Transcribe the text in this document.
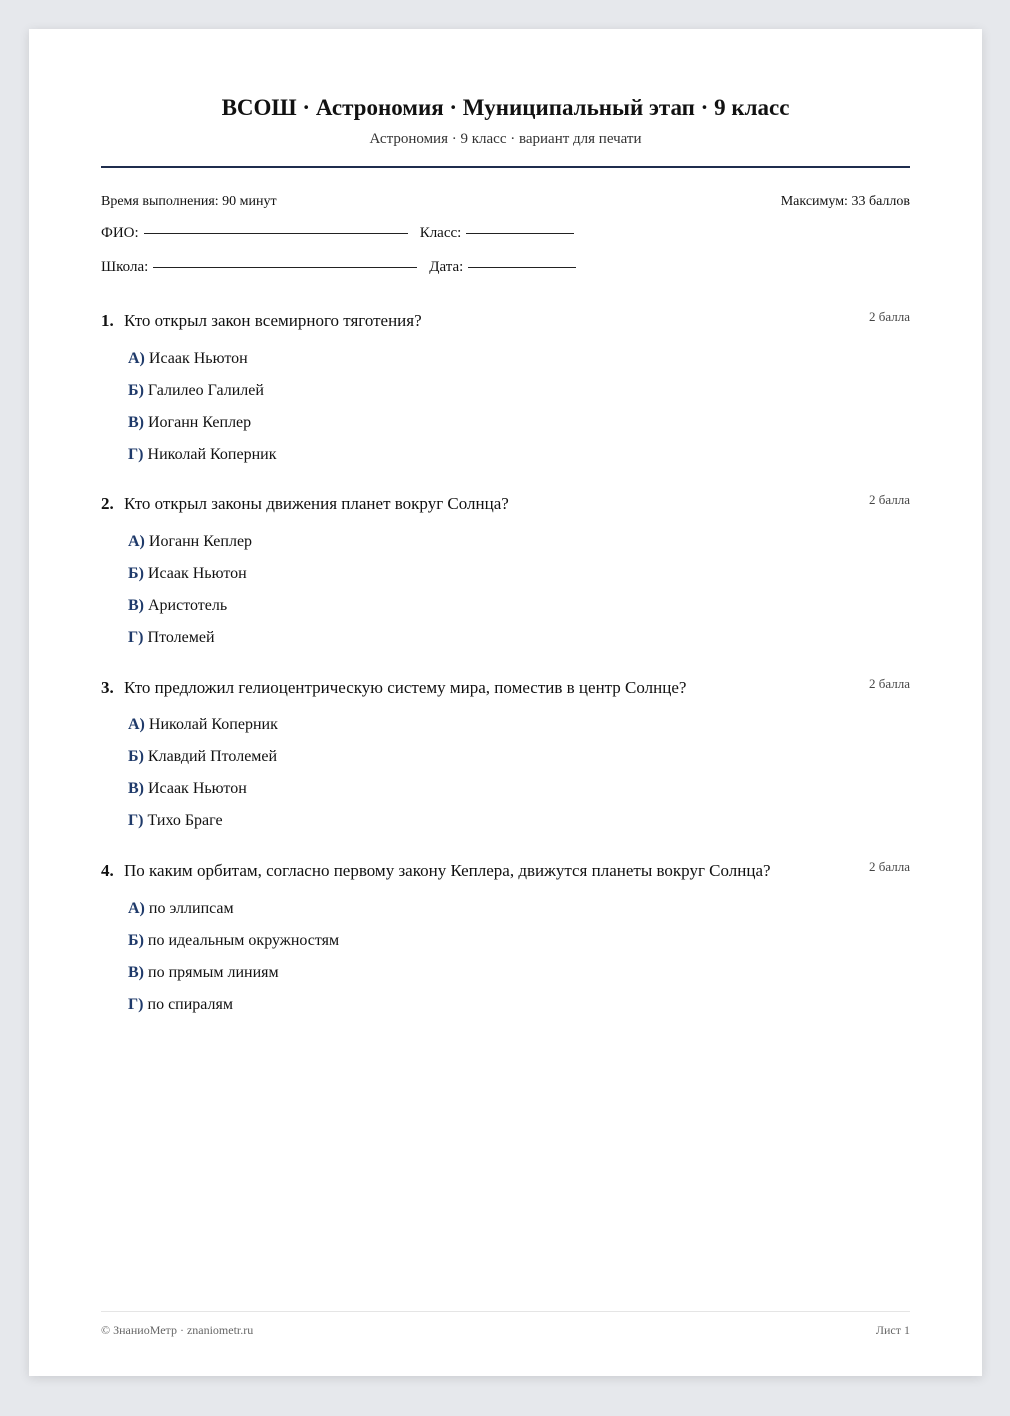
ВСОШ · Астрономия · Муниципальный этап · 9 класс
Астрономия · 9 класс · вариант для печати
Время выполнения: 90 минут	Максимум: 33 баллов
ФИО:	Класс:
Школа:	Дата:
1. Кто открыл закон всемирного тяготения?	2 балла
А) Исаак Ньютон
Б) Галилео Галилей
В) Иоганн Кеплер
Г) Николай Коперник
2. Кто открыл законы движения планет вокруг Солнца?	2 балла
А) Иоганн Кеплер
Б) Исаак Ньютон
В) Аристотель
Г) Птолемей
3. Кто предложил гелиоцентрическую систему мира, поместив в центр Солнце?	2 балла
А) Николай Коперник
Б) Клавдий Птолемей
В) Исаак Ньютон
Г) Тихо Браге
4. По каким орбитам, согласно первому закону Кеплера, движутся планеты вокруг Солнца?	2 балла
А) по эллипсам
Б) по идеальным окружностям
В) по прямым линиям
Г) по спиралям
© ЗнаниоМетр · znaniometr.ru	Лист 1
